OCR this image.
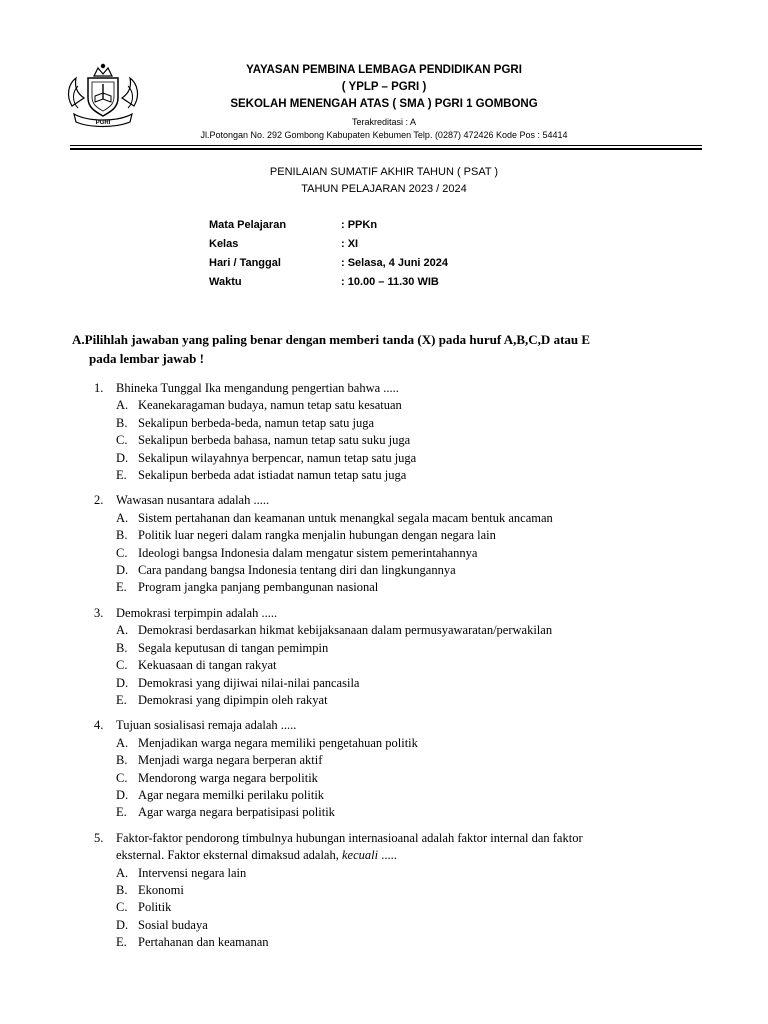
PGRI
YAYASAN PEMBINA LEMBAGA PENDIDIKAN PGRI
( YPLP – PGRI )
SEKOLAH MENENGAH ATAS ( SMA ) PGRI 1 GOMBONG
Terakreditasi : A
Jl.Potongan No. 292 Gombong Kabupaten Kebumen Telp. (0287) 472426 Kode Pos : 54414
PENILAIAN SUMATIF AKHIR TAHUN ( PSAT )
TAHUN PELAJARAN 2023 / 2024
Mata Pelajaran	: PPKn
Kelas	: XI
Hari / Tanggal	: Selasa, 4 Juni 2024
Waktu	: 10.00 – 11.30 WIB
A.Pilihlah jawaban yang paling benar dengan memberi tanda (X) pada huruf A,B,C,D atau E
pada lembar jawab !
1.	Bhineka Tunggal Ika mengandung pengertian bahwa .....
A. Keanekaragaman budaya, namun tetap satu kesatuan
B. Sekalipun berbeda-beda, namun tetap satu juga
C. Sekalipun berbeda bahasa, namun tetap satu suku juga
D. Sekalipun wilayahnya berpencar, namun tetap satu juga
E. Sekalipun berbeda adat istiadat namun tetap satu juga
2.	Wawasan nusantara adalah .....
A. Sistem pertahanan dan keamanan untuk menangkal segala macam bentuk ancaman
B. Politik luar negeri dalam rangka menjalin hubungan dengan negara lain
C. Ideologi bangsa Indonesia dalam mengatur sistem pemerintahannya
D. Cara pandang bangsa Indonesia tentang diri dan lingkungannya
E. Program jangka panjang pembangunan nasional
3.	Demokrasi terpimpin adalah .....
A. Demokrasi berdasarkan hikmat kebijaksanaan dalam permusyawaratan/perwakilan
B. Segala keputusan di tangan pemimpin
C. Kekuasaan di tangan rakyat
D. Demokrasi yang dijiwai nilai-nilai pancasila
E. Demokrasi yang dipimpin oleh rakyat
4.	Tujuan sosialisasi remaja adalah .....
A. Menjadikan warga negara memiliki pengetahuan politik
B. Menjadi warga negara berperan aktif
C. Mendorong warga negara berpolitik
D. Agar negara memilki perilaku politik
E. Agar warga negara berpatisipasi politik
5.	Faktor-faktor pendorong timbulnya hubungan internasioanal adalah faktor internal dan faktor
eksternal. Faktor eksternal dimaksud adalah, kecuali .....
A. Intervensi negara lain
B. Ekonomi
C. Politik
D. Sosial budaya
E. Pertahanan dan keamanan
